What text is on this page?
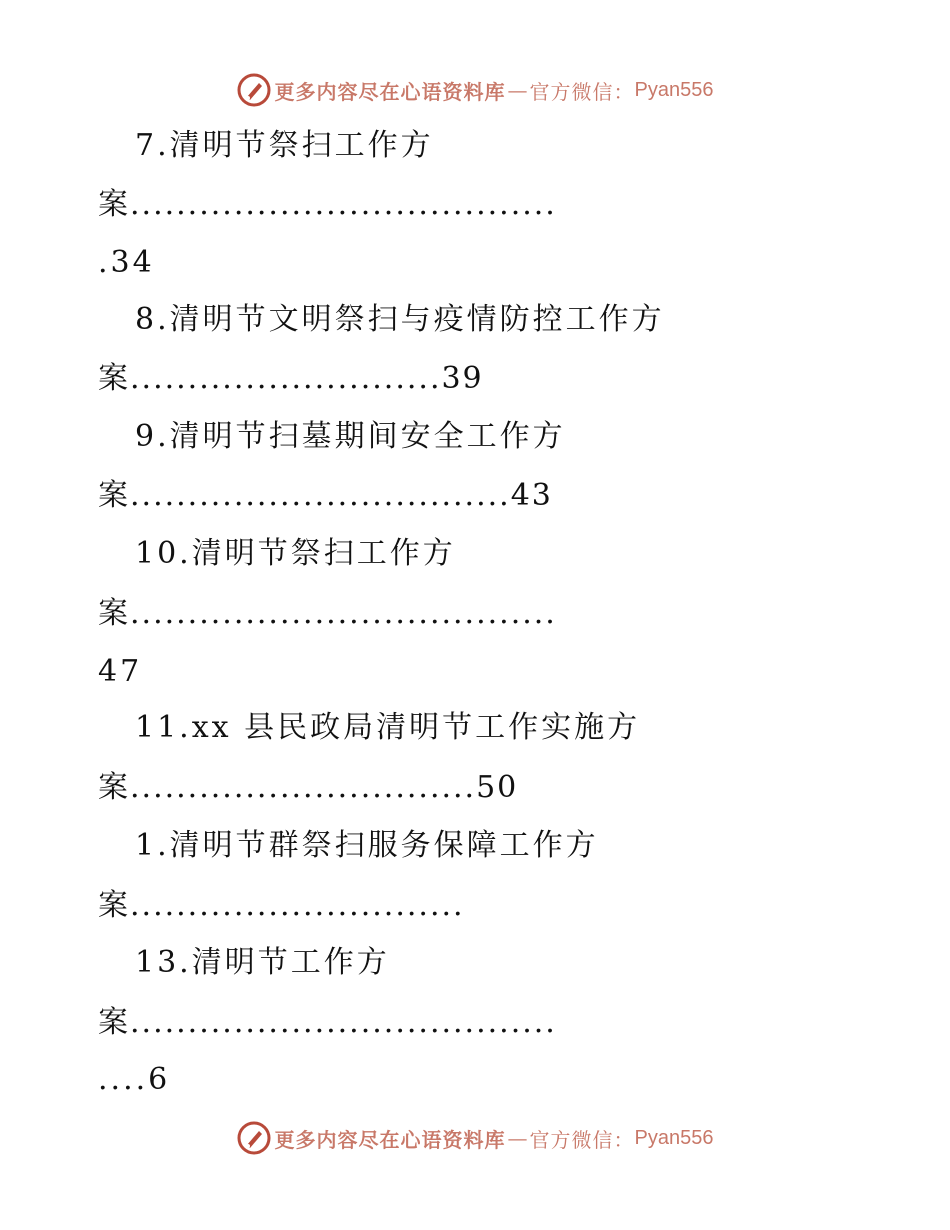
更多内容尽在心语资料库 — 官方微信： Pyan556
7.清明节祭扫工作方
案.....................................
.34
8.清明节文明祭扫与疫情防控工作方
案...........................39
9.清明节扫墓期间安全工作方
案.................................43
10.清明节祭扫工作方
案.....................................
47
11.xx 县民政局清明节工作实施方
案..............................50
1.清明节群祭扫服务保障工作方
案.............................
13.清明节工作方
案.....................................
....6
更多内容尽在心语资料库 — 官方微信： Pyan556
